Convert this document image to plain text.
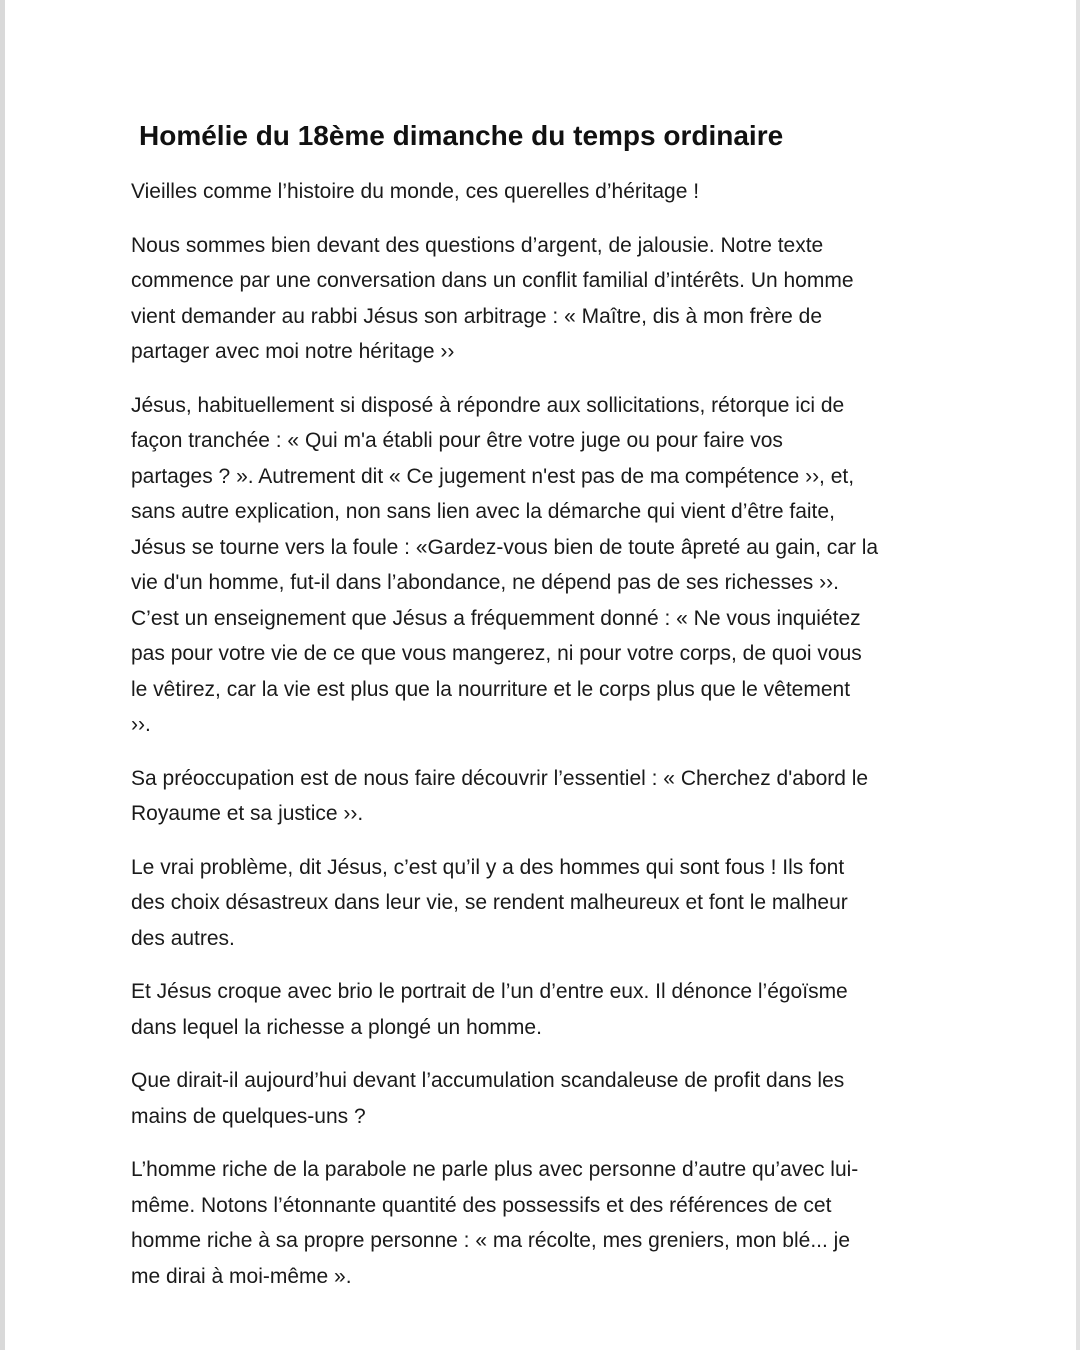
Homélie du 18ème dimanche du temps ordinaire

Vieilles comme l’histoire du monde, ces querelles d’héritage !

Nous sommes bien devant des questions d’argent, de jalousie. Notre texte
commence par une conversation dans un conflit familial d’intérêts. Un homme
vient demander au rabbi Jésus son arbitrage : « Maître, dis à mon frère de
partager avec moi notre héritage ››

Jésus, habituellement si disposé à répondre aux sollicitations, rétorque ici de
façon tranchée : « Qui m'a établi pour être votre juge ou pour faire vos
partages ? ». Autrement dit « Ce jugement n'est pas de ma compétence ››, et,
sans autre explication, non sans lien avec la démarche qui vient d’être faite,
Jésus se tourne vers la foule : «Gardez-vous bien de toute âpreté au gain, car la
vie d'un homme, fut-il dans l’abondance, ne dépend pas de ses richesses ››.
C’est un enseignement que Jésus a fréquemment donné : « Ne vous inquiétez
pas pour votre vie de ce que vous mangerez, ni pour votre corps, de quoi vous
le vêtirez, car la vie est plus que la nourriture et le corps plus que le vêtement
››.

Sa préoccupation est de nous faire découvrir l’essentiel : « Cherchez d'abord le
Royaume et sa justice ››.

Le vrai problème, dit Jésus, c’est qu’il y a des hommes qui sont fous ! Ils font
des choix désastreux dans leur vie, se rendent malheureux et font le malheur
des autres.

Et Jésus croque avec brio le portrait de l’un d’entre eux. Il dénonce l’égoïsme
dans lequel la richesse a plongé un homme.

Que dirait-il aujourd’hui devant l’accumulation scandaleuse de profit dans les
mains de quelques-uns ?

L’homme riche de la parabole ne parle plus avec personne d’autre qu’avec lui-
même. Notons l’étonnante quantité des possessifs et des références de cet
homme riche à sa propre personne : « ma récolte, mes greniers, mon blé... je
me dirai à moi-même ».
